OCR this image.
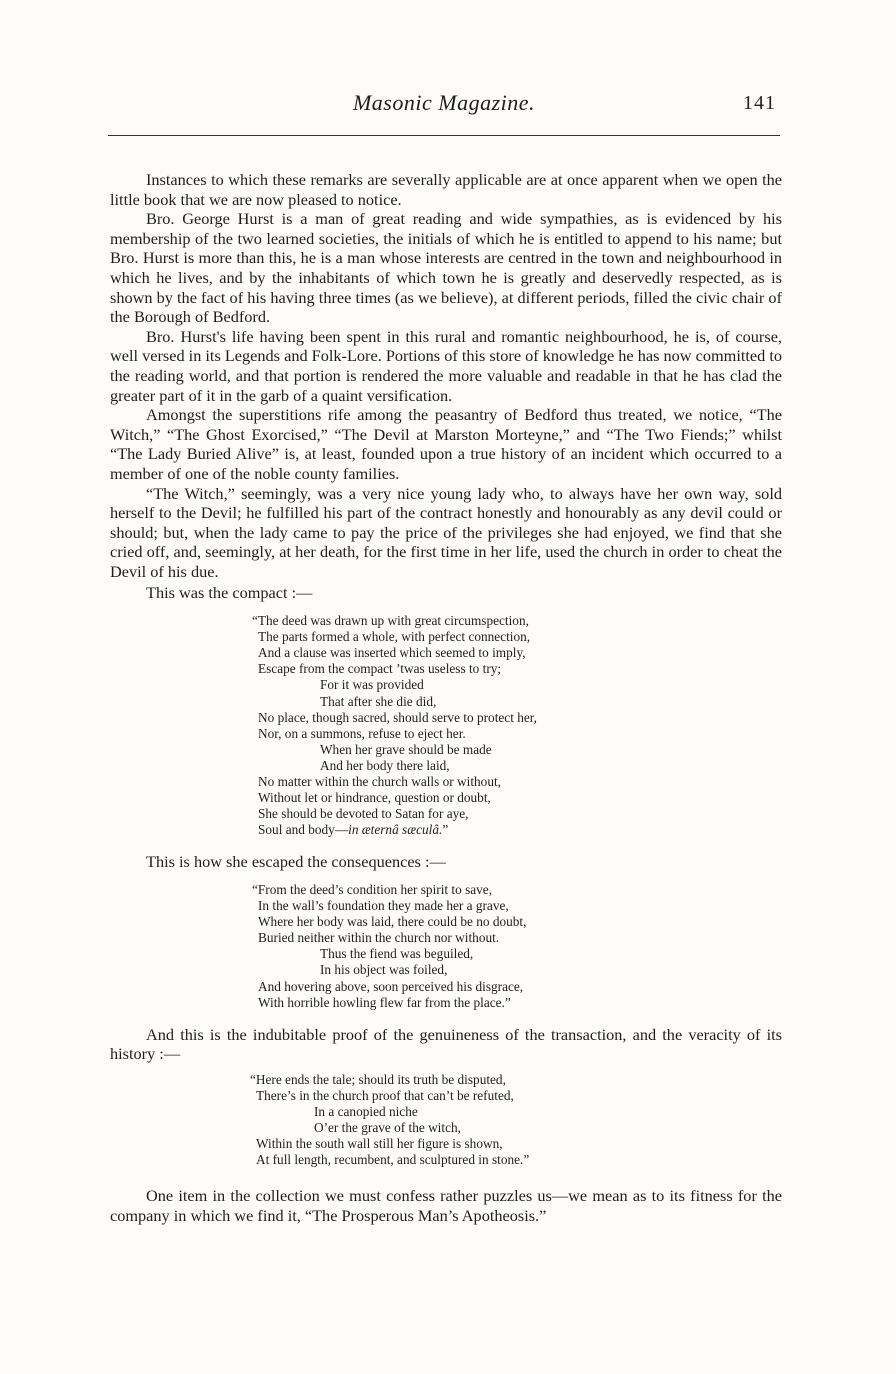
Masonic Magazine.	141

Instances to which these remarks are severally applicable are at once apparent when we open the little book that we are now pleased to notice.

Bro. George Hurst is a man of great reading and wide sympathies, as is evidenced by his membership of the two learned societies, the initials of which he is entitled to append to his name; but Bro. Hurst is more than this, he is a man whose interests are centred in the town and neighbourhood in which he lives, and by the inhabitants of which town he is greatly and deservedly respected, as is shown by the fact of his having three times (as we believe), at different periods, filled the civic chair of the Borough of Bedford.

Bro. Hurst's life having been spent in this rural and romantic neighbourhood, he is, of course, well versed in its Legends and Folk-Lore. Portions of this store of knowledge he has now committed to the reading world, and that portion is rendered the more valuable and readable in that he has clad the greater part of it in the garb of a quaint versification.

Amongst the superstitions rife among the peasantry of Bedford thus treated, we notice, “The Witch,” “The Ghost Exorcised,” “The Devil at Marston Morteyne,” and “The Two Fiends;” whilst “The Lady Buried Alive” is, at least, founded upon a true history of an incident which occurred to a member of one of the noble county families.

“The Witch,” seemingly, was a very nice young lady who, to always have her own way, sold herself to the Devil; he fulfilled his part of the contract honestly and honourably as any devil could or should; but, when the lady came to pay the price of the privileges she had enjoyed, we find that she cried off, and, seemingly, at her death, for the first time in her life, used the church in order to cheat the Devil of his due.

This was the compact :—

“The deed was drawn up with great circumspection,
The parts formed a whole, with perfect connection,
And a clause was inserted which seemed to imply,
Escape from the compact ’twas useless to try;
For it was provided
That after she die did,
No place, though sacred, should serve to protect her,
Nor, on a summons, refuse to eject her.
When her grave should be made
And her body there laid,
No matter within the church walls or without,
Without let or hindrance, question or doubt,
She should be devoted to Satan for aye,
Soul and body—in æternâ sæculâ.”

This is how she escaped the consequences :—

“From the deed’s condition her spirit to save,
In the wall’s foundation they made her a grave,
Where her body was laid, there could be no doubt,
Buried neither within the church nor without.
Thus the fiend was beguiled,
In his object was foiled,
And hovering above, soon perceived his disgrace,
With horrible howling flew far from the place.”

And this is the indubitable proof of the genuineness of the transaction, and the veracity of its history :—

“Here ends the tale; should its truth be disputed,
There’s in the church proof that can’t be refuted,
In a canopied niche
O’er the grave of the witch,
Within the south wall still her figure is shown,
At full length, recumbent, and sculptured in stone.”

One item in the collection we must confess rather puzzles us—we mean as to its fitness for the company in which we find it, “The Prosperous Man’s Apotheosis.”
